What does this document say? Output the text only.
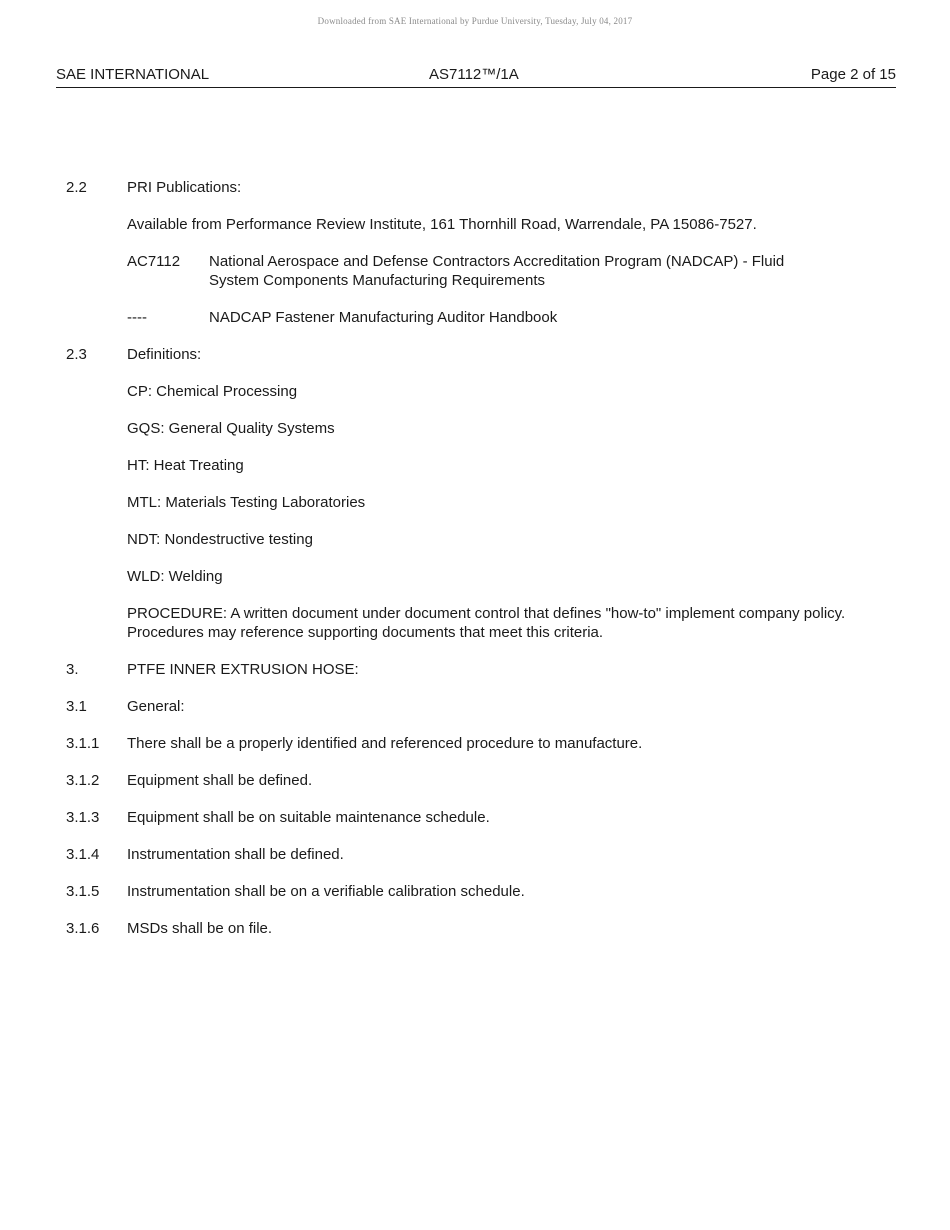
Downloaded from SAE International by Purdue University, Tuesday, July 04, 2017
SAE INTERNATIONAL	AS7112™/1A	Page 2 of 15
2.2	PRI Publications:
Available from Performance Review Institute, 161 Thornhill Road, Warrendale, PA 15086-7527.
AC7112	National Aerospace and Defense Contractors Accreditation Program (NADCAP) - Fluid System Components Manufacturing Requirements
----	NADCAP Fastener Manufacturing Auditor Handbook
2.3	Definitions:
CP: Chemical Processing
GQS: General Quality Systems
HT: Heat Treating
MTL: Materials Testing Laboratories
NDT: Nondestructive testing
WLD: Welding
PROCEDURE: A written document under document control that defines "how-to" implement company policy. Procedures may reference supporting documents that meet this criteria.
3.	PTFE INNER EXTRUSION HOSE:
3.1	General:
3.1.1	There shall be a properly identified and referenced procedure to manufacture.
3.1.2	Equipment shall be defined.
3.1.3	Equipment shall be on suitable maintenance schedule.
3.1.4	Instrumentation shall be defined.
3.1.5	Instrumentation shall be on a verifiable calibration schedule.
3.1.6	MSDs shall be on file.
